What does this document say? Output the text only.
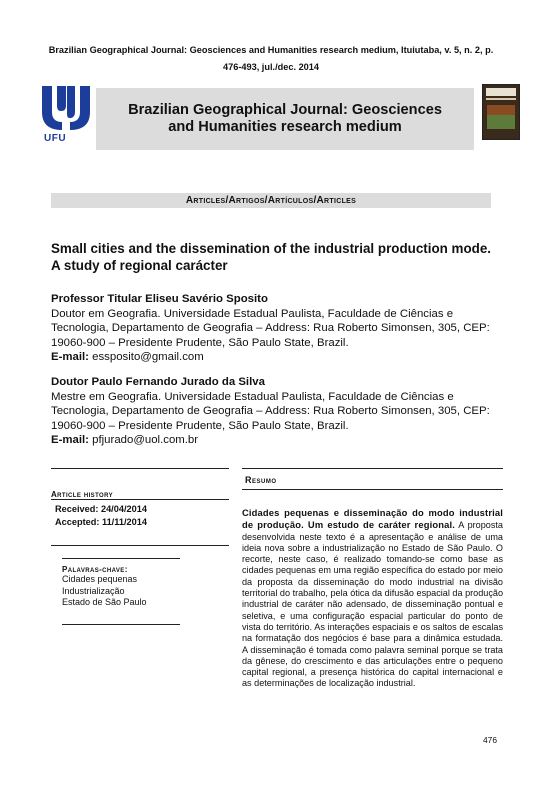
Brazilian Geographical Journal: Geosciences and Humanities research medium, Ituiutaba, v. 5, n. 2, p. 476-493, jul./dec. 2014
UFU
Brazilian Geographical Journal: Geosciences and Humanities research medium
Articles/Artigos/Artículos/Articles
Small cities and the dissemination of the industrial production mode. A study of regional carácter
Professor Titular Eliseu Savério Sposito
Doutor em Geografia. Universidade Estadual Paulista, Faculdade de Ciências e Tecnologia, Departamento de Geografia – Address: Rua Roberto Simonsen, 305, CEP: 19060-900 – Presidente Prudente, São Paulo State, Brazil.
E-mail: essposito@gmail.com
Doutor Paulo Fernando Jurado da Silva
Mestre em Geografia. Universidade Estadual Paulista, Faculdade de Ciências e Tecnologia, Departamento de Geografia – Address: Rua Roberto Simonsen, 305, CEP: 19060-900 – Presidente Prudente, São Paulo State, Brazil.
E-mail: pfjurado@uol.com.br
Resumo
Article history
Received: 24/04/2014
Accepted: 11/11/2014
Palavras-chave:
Cidades pequenas
Industrialização
Estado de São Paulo
Cidades pequenas e disseminação do modo industrial de produção. Um estudo de caráter regional. A proposta desenvolvida neste texto é a apresentação e análise de uma ideia nova sobre a industrialização no Estado de São Paulo. O recorte, neste caso, é realizado tomando-se como base as cidades pequenas em uma região específica do estado por meio da proposta da disseminação do modo industrial na divisão territorial do trabalho, pela ótica da difusão espacial da produção industrial de caráter não adensado, de disseminação pontual e seletiva, e uma configuração espacial particular do ponto de vista do território. As interações espaciais e os saltos de escalas na formatação dos negócios é base para a dinâmica estudada. A disseminação é tomada como palavra seminal porque se trata da gênese, do crescimento e das articulações entre o pequeno capital regional, a presença histórica do capital internacional e as determinações de localização industrial.
476
